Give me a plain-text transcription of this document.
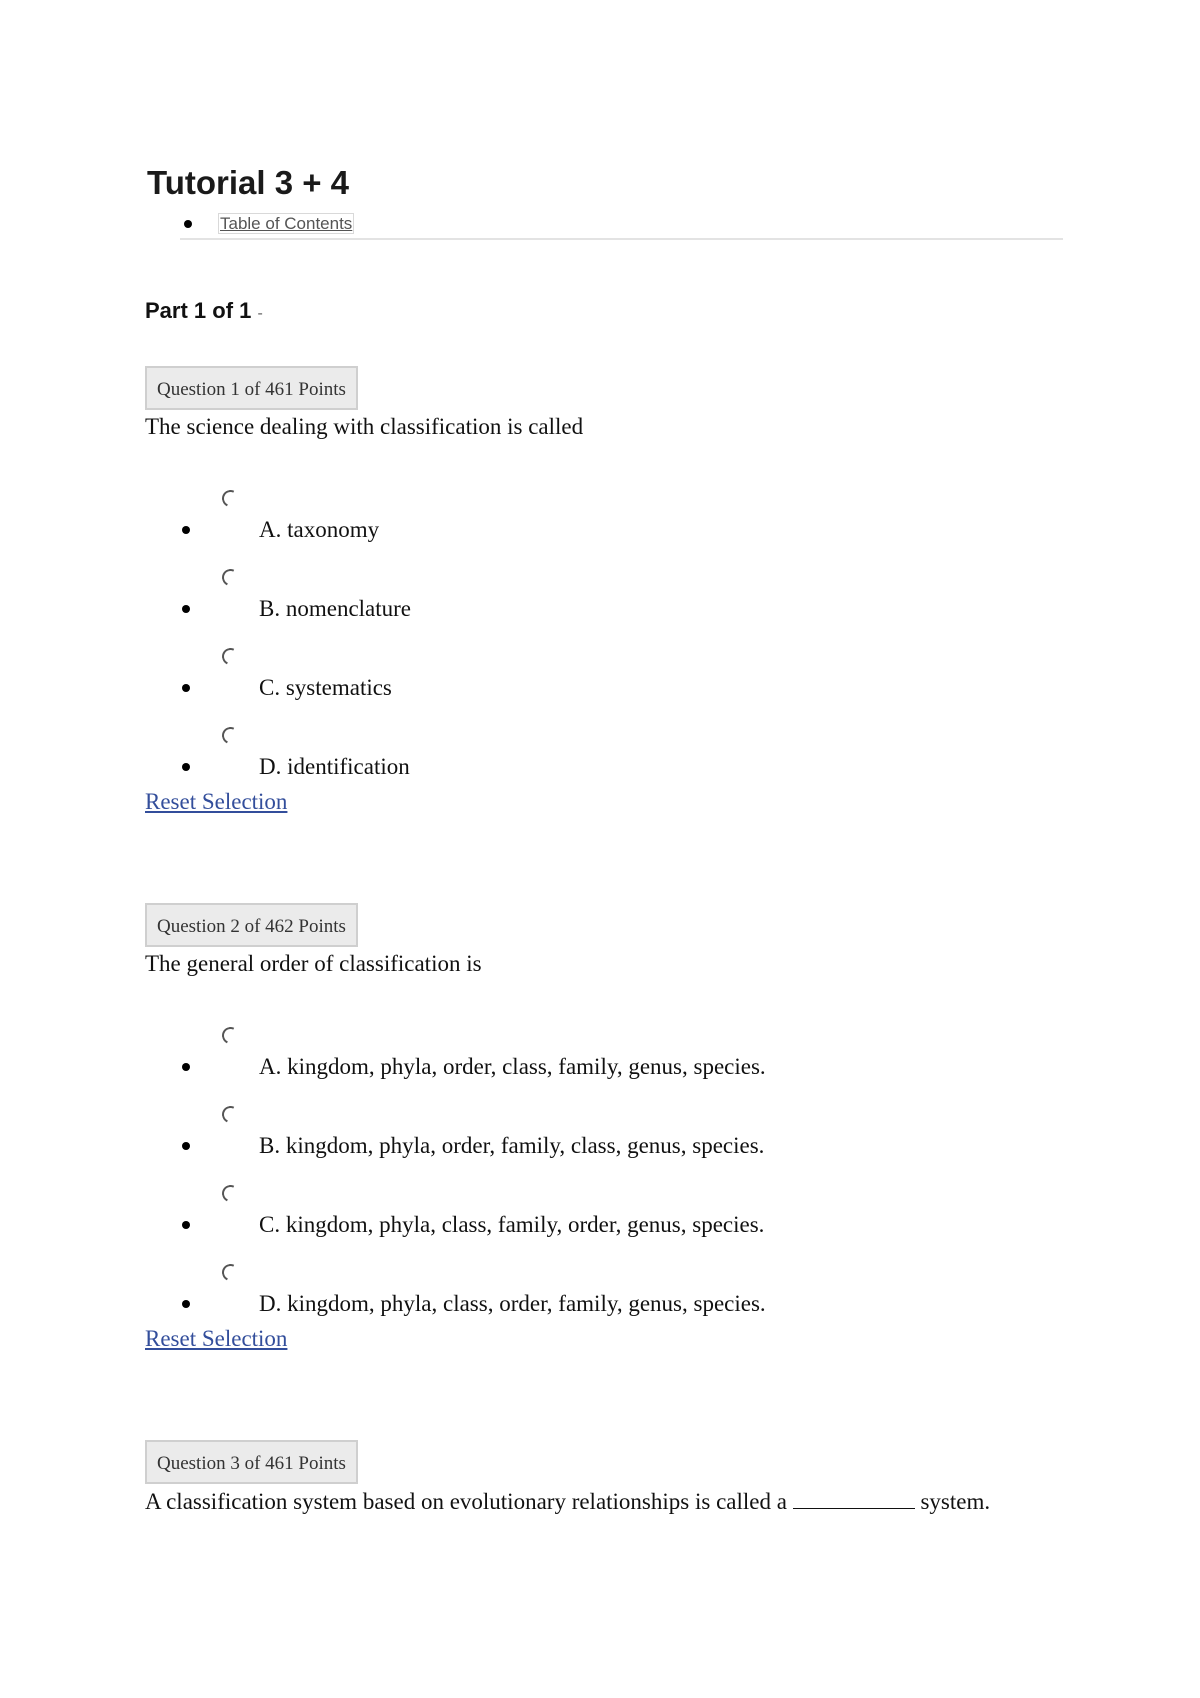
Tutorial 3 + 4
Table of Contents
Part 1 of 1 -
Question 1 of 461 Points

The science dealing with classification is called

A. taxonomy
B. nomenclature
C. systematics
D. identification
Reset Selection
Question 2 of 462 Points

The general order of classification is

A. kingdom, phyla, order, class, family, genus, species.
B. kingdom, phyla, order, family, class, genus, species.
C. kingdom, phyla, class, family, order, genus, species.
D. kingdom, phyla, class, order, family, genus, species.
Reset Selection
Question 3 of 461 Points

A classification system based on evolutionary relationships is called a	system.
